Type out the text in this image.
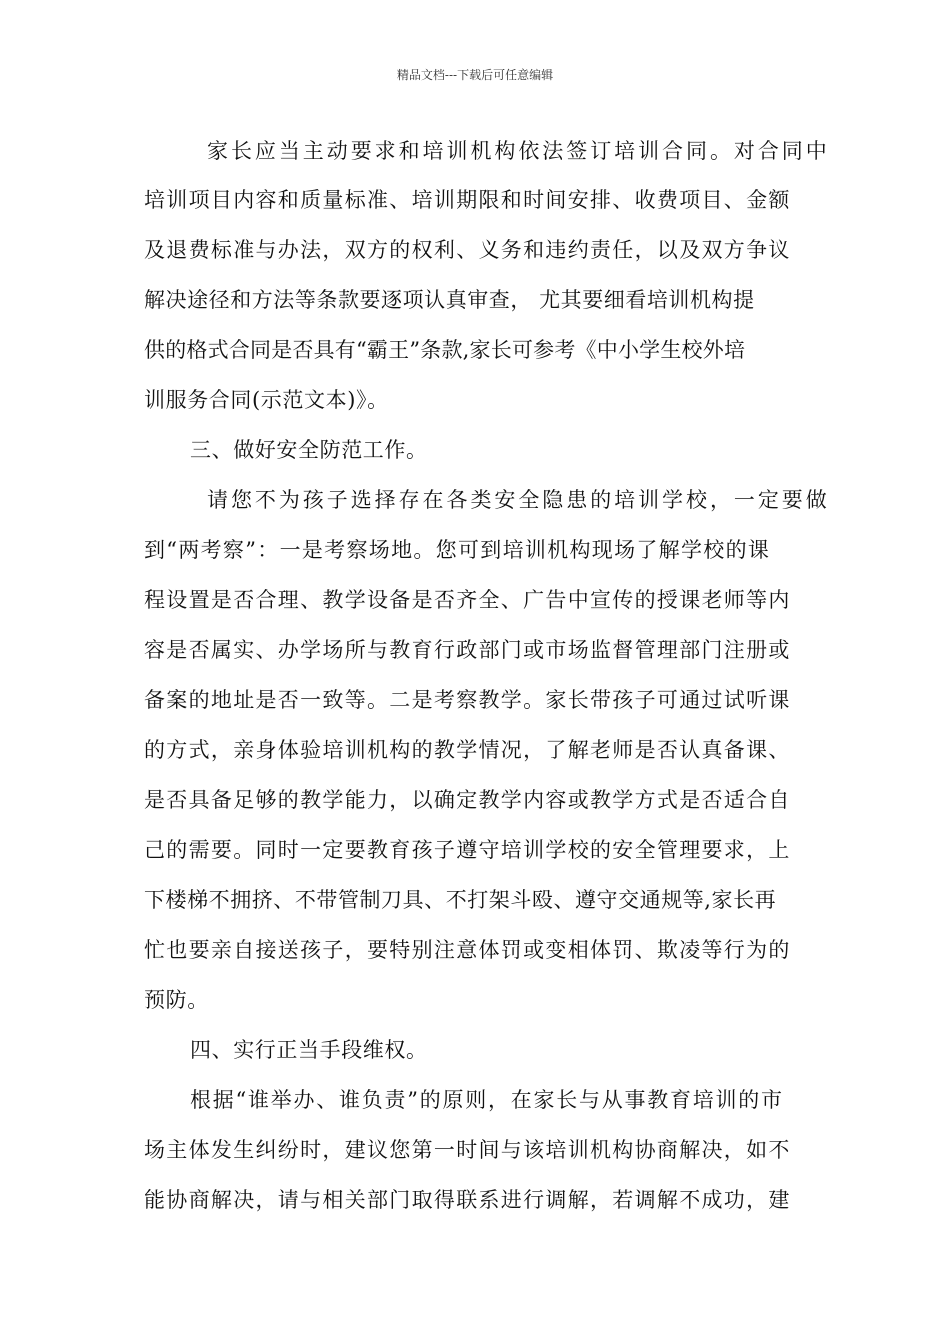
精品文档---下载后可任意编辑
家长应当主动要求和培训机构依法签订培训合同。对合同中
培训项目内容和质量标准、培训期限和时间安排、收费项目、金额
及退费标准与办法，双方的权利、义务和违约责任，以及双方争议
解决途径和方法等条款要逐项认真审查， 尤其要细看培训机构提
供的格式合同是否具有“霸王”条款,家长可参考《中小学生校外培
训服务合同(示范文本)》。
三、做好安全防范工作。
请您不为孩子选择存在各类安全隐患的培训学校，一定要做
到“两考察”：一是考察场地。您可到培训机构现场了解学校的课
程设置是否合理、教学设备是否齐全、广告中宣传的授课老师等内
容是否属实、办学场所与教育行政部门或市场监督管理部门注册或
备案的地址是否一致等。二是考察教学。家长带孩子可通过试听课
的方式，亲身体验培训机构的教学情况，了解老师是否认真备课、
是否具备足够的教学能力，以确定教学内容或教学方式是否适合自
己的需要。同时一定要教育孩子遵守培训学校的安全管理要求，上
下楼梯不拥挤、不带管制刀具、不打架斗殴、遵守交通规等,家长再
忙也要亲自接送孩子，要特别注意体罚或变相体罚、欺凌等行为的
预防。
四、实行正当手段维权。
根据“谁举办、谁负责”的原则，在家长与从事教育培训的市
场主体发生纠纷时，建议您第一时间与该培训机构协商解决，如不
能协商解决，请与相关部门取得联系进行调解，若调解不成功，建
